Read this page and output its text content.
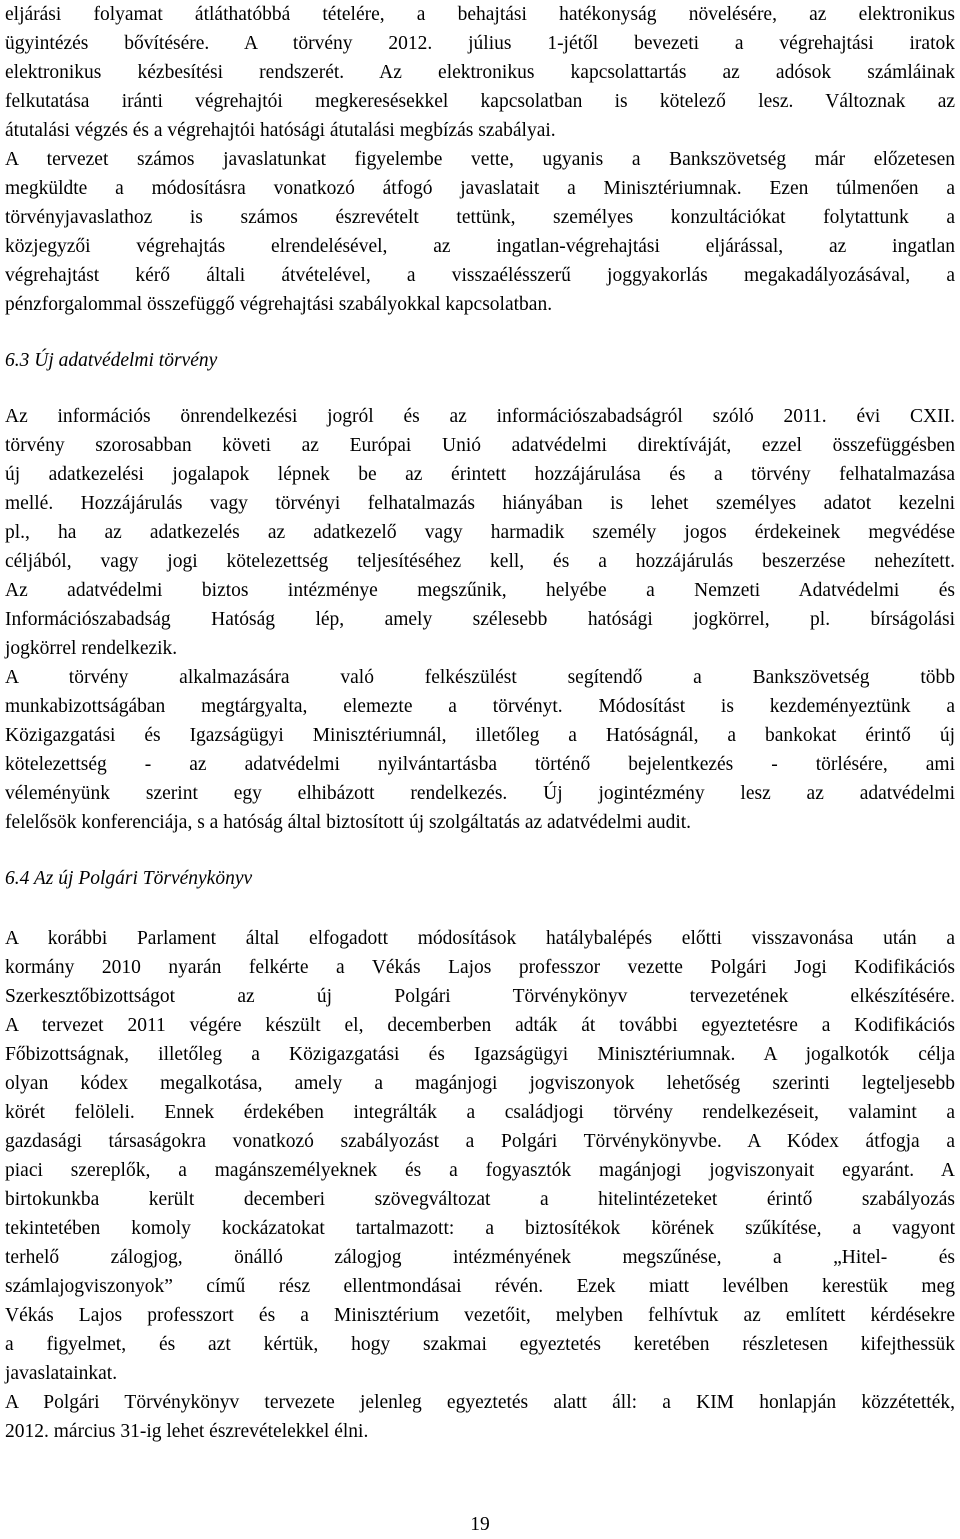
eljárási folyamat átláthatóbbá tételére, a behajtási hatékonyság növelésére, az elektronikus
ügyintézés bővítésére. A törvény 2012. július 1-jétől bevezeti a végrehajtási iratok
elektronikus kézbesítési rendszerét. Az elektronikus kapcsolattartás az adósok számláinak
felkutatása iránti végrehajtói megkeresésekkel kapcsolatban is kötelező lesz. Változnak az
átutalási végzés és a végrehajtói hatósági átutalási megbízás szabályai.
A tervezet számos javaslatunkat figyelembe vette, ugyanis a Bankszövetség már előzetesen
megküldte a módosításra vonatkozó átfogó javaslatait a Minisztériumnak. Ezen túlmenően a
törvényjavaslathoz is számos észrevételt tettünk, személyes konzultációkat folytattunk a
közjegyzői végrehajtás elrendelésével, az ingatlan-végrehajtási eljárással, az ingatlan
végrehajtást kérő általi átvételével, a visszaélésszerű joggyakorlás megakadályozásával, a
pénzforgalommal összefüggő végrehajtási szabályokkal kapcsolatban.
6.3 Új adatvédelmi törvény
Az információs önrendelkezési jogról és az információszabadságról szóló 2011. évi CXII.
törvény szorosabban követi az Európai Unió adatvédelmi direktíváját, ezzel összefüggésben
új adatkezelési jogalapok lépnek be az érintett hozzájárulása és a törvény felhatalmazása
mellé. Hozzájárulás vagy törvényi felhatalmazás hiányában is lehet személyes adatot kezelni
pl., ha az adatkezelés az adatkezelő vagy harmadik személy jogos érdekeinek megvédése
céljából, vagy jogi kötelezettség teljesítéséhez kell, és a hozzájárulás beszerzése nehezített.
Az adatvédelmi biztos intézménye megszűnik, helyébe a Nemzeti Adatvédelmi és
Információszabadság Hatóság lép, amely szélesebb hatósági jogkörrel, pl. bírságolási
jogkörrel rendelkezik.
A törvény alkalmazására való felkészülést segítendő a Bankszövetség több
munkabizottságában megtárgyalta, elemezte a törvényt. Módosítást is kezdeményeztünk a
Közigazgatási és Igazságügyi Minisztériumnál, illetőleg a Hatóságnál, a bankokat érintő új
kötelezettség - az adatvédelmi nyilvántartásba történő bejelentkezés - törlésére, ami
véleményünk szerint egy elhibázott rendelkezés. Új jogintézmény lesz az adatvédelmi
felelősök konferenciája, s a hatóság által biztosított új szolgáltatás az adatvédelmi audit.
6.4 Az új Polgári Törvénykönyv
A korábbi Parlament által elfogadott módosítások hatálybalépés előtti visszavonása után a
kormány 2010 nyarán felkérte a Vékás Lajos professzor vezette Polgári Jogi Kodifikációs
Szerkesztőbizottságot az új Polgári Törvénykönyv tervezetének elkészítésére.
A tervezet 2011 végére készült el, decemberben adták át további egyeztetésre a Kodifikációs
Főbizottságnak, illetőleg a Közigazgatási és Igazságügyi Minisztériumnak. A jogalkotók célja
olyan kódex megalkotása, amely a magánjogi jogviszonyok lehetőség szerinti legteljesebb
körét felölelі. Ennek érdekében integrálták a családjogi törvény rendelkezéseit, valamint a
gazdasági társaságokra vonatkozó szabályozást a Polgári Törvénykönyvbe. A Kódex átfogja a
piaci szereplők, a magánszemélyeknek és a fogyasztók magánjogi jogviszonyait egyaránt. A
birtokunkba került decemberi szövegváltozat a hitelintézeteket érintő szabályozás
tekintetében komoly kockázatokat tartalmazott: a biztosítékok körének szűkítése, a vagyont
terhelő zálogjog, önálló zálogjog intézményének megszűnése, a „Hitel- és
számlajogviszonyok” című rész ellentmondásai révén. Ezek miatt levélben kerestük meg
Vékás Lajos professzort és a Minisztérium vezetőit, melyben felhívtuk az említett kérdésekre
a figyelmet, és azt kértük, hogy szakmai egyeztetés keretében részletesen kifejthessük
javaslatainkat.
A Polgári Törvénykönyv tervezete jelenleg egyeztetés alatt áll: a KIM honlapján közzétették,
2012. március 31-ig lehet észrevételekkel élni.
19
